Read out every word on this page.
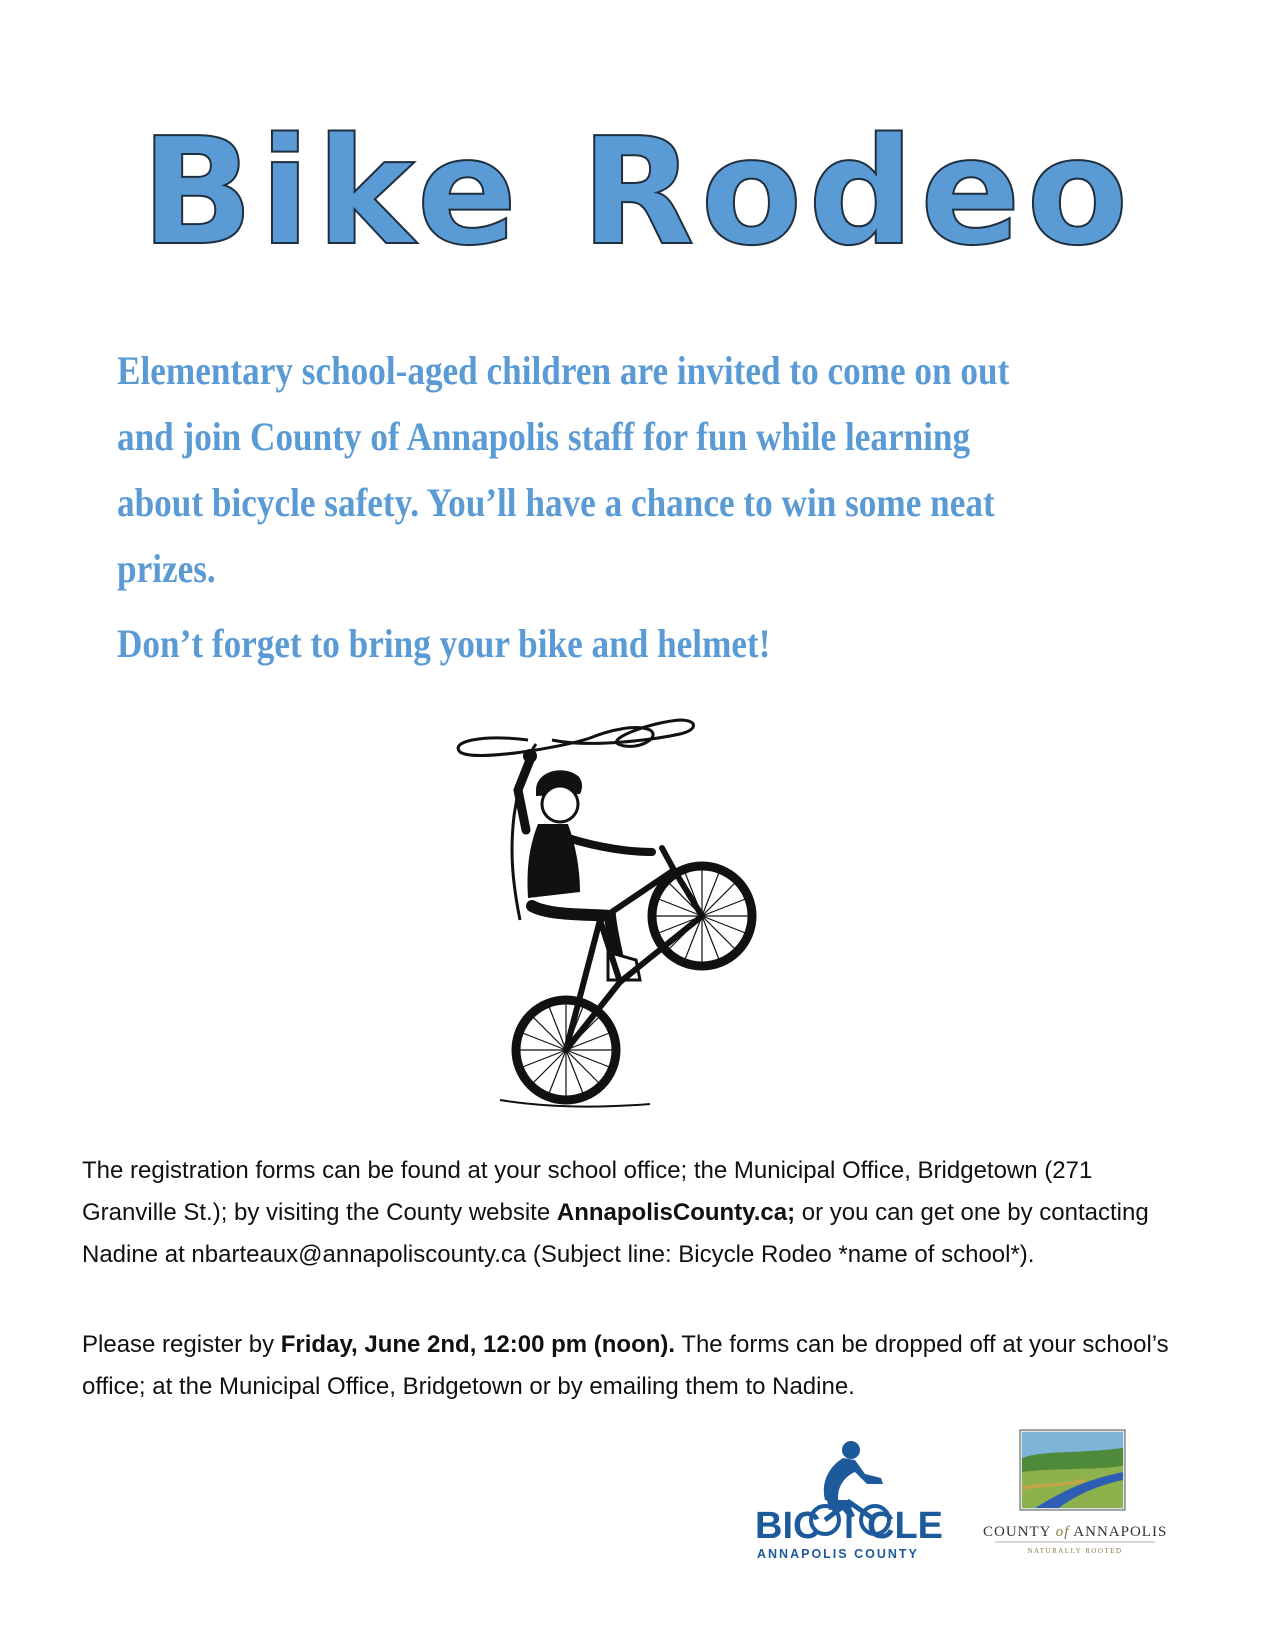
Bike Rodeo

Elementary school-aged children are invited to come on out and join County of Annapolis staff for fun while learning about bicycle safety. You’ll have a chance to win some neat prizes.

Don’t forget to bring your bike and helmet!

The registration forms can be found at your school office; the Municipal Office, Bridgetown (271 Granville St.); by visiting the County website AnnapolisCounty.ca; or you can get one by contacting Nadine at nbarteaux@annapoliscounty.ca (Subject line: Bicycle Rodeo *name of school*).

Please register by Friday, June 2nd, 12:00 pm (noon). The forms can be dropped off at your school’s office; at the Municipal Office, Bridgetown or by emailing them to Nadine.

BIC CLE
ANNAPOLIS COUNTY
COUNTY of ANNAPOLIS
NATURALLY ROOTED
